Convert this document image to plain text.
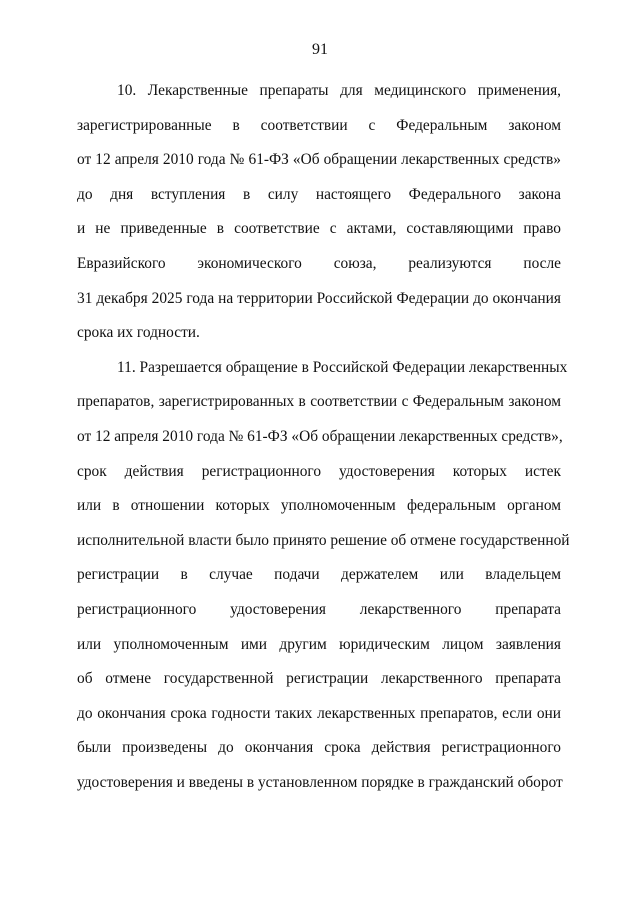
91
10. Лекарственные препараты для медицинского применения,
зарегистрированные в соответствии с Федеральным законом
от 12 апреля 2010 года № 61-ФЗ «Об обращении лекарственных средств»
до дня вступления в силу настоящего Федерального закона
и не приведенные в соответствие с актами, составляющими право
Евразийского экономического союза, реализуются после
31 декабря 2025 года на территории Российской Федерации до окончания
срока их годности.
11. Разрешается обращение в Российской Федерации лекарственных
препаратов, зарегистрированных в соответствии с Федеральным законом
от 12 апреля 2010 года № 61-ФЗ «Об обращении лекарственных средств»,
срок действия регистрационного удостоверения которых истек
или в отношении которых уполномоченным федеральным органом
исполнительной власти было принято решение об отмене государственной
регистрации в случае подачи держателем или владельцем
регистрационного удостоверения лекарственного препарата
или уполномоченным ими другим юридическим лицом заявления
об отмене государственной регистрации лекарственного препарата
до окончания срока годности таких лекарственных препаратов, если они
были произведены до окончания срока действия регистрационного
удостоверения и введены в установленном порядке в гражданский оборот
